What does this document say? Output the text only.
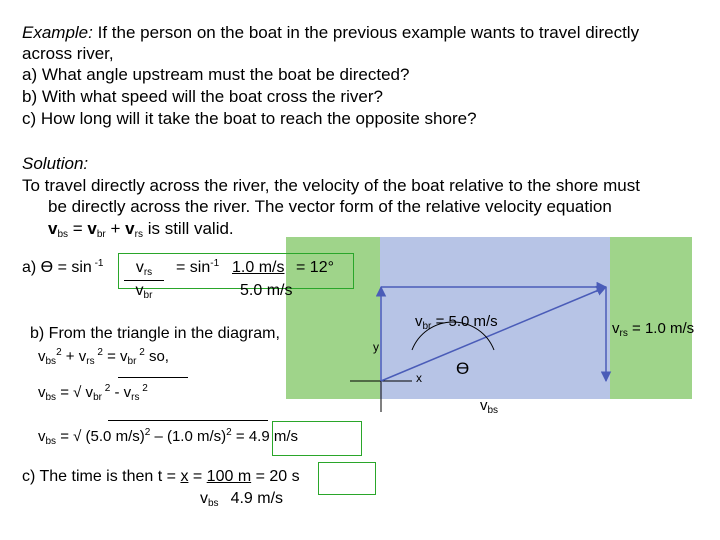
Example: If the person on the boat in the previous example wants to travel directly
across river,
a) What angle upstream must the boat be directed?
b) With what speed will the boat cross the river?
c) How long will it take the boat to reach the opposite shore?
Solution:
To travel directly across the river, the velocity of the boat relative to the shore must
be directly across the river. The vector form of the relative velocity equation
$v_{bs} = v_{br} + v_{rs}$ is still valid.
$v_{br} = 5.0$ m/s	$v_{rs} = 1.0$ m/s
$v_{bs}$
ϴ
y
x
a) ϴ = sin $^{-1}$	$v_{rs}$
$v_{br}$
= $\sin^{-1} 1.0$ m/s
5.0 m/s
= 12°
b) From the triangle in the diagram,
$v_{bs}^2 + v_{rs}$ $^2 = v_{br}$ $^2$ so,
$v_{bs}$ = √ $v_{br}$ $^2 - v_{rs}$ $^2$
$v_{bs}$ = √ (5.0 m/s)$^2$ – (1.0 m/s)$^2$ = 4.9 m/s
c) The time is then t = x = 100 m = 20 s
$v_{bs}$ 4.9 m/s
